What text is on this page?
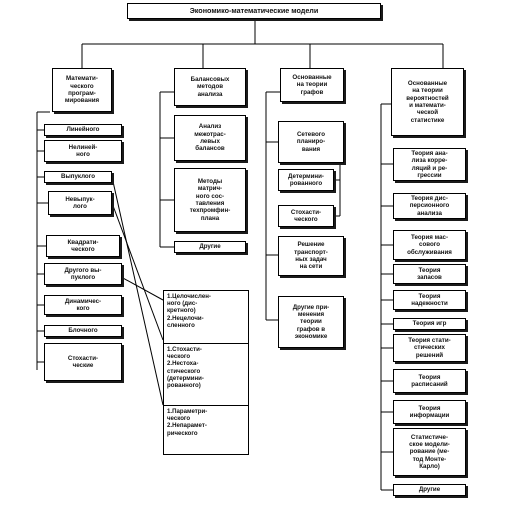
Экономико-математические модели
Математи-
ческого
програм-
мирования
Линейного
Нелиней-
ного
Выпуклого
Невыпук-
лого
Квадрати-
ческого
Другого вы-
пуклого
Динамичес-
кого
Блочного
Стохасти-
ческие
1.Целочислен-
ного (дис-
кретного)
2.Нецелочи-
сленного
1.Стохасти-
ческого
2.Нестоха-
стического
(детермини-
рованного)
1.Параметри-
ческого
2.Непарамет-
рического
Балансовых
методов
анализа
Анализ
межотрас-
левых
балансов
Методы
матрич-
ного сос-
тавления
техпромфин-
плана
Другие
Основанные
на теории
графов
Сетевого
планиро-
вания
Детермини-
рованного
Стохасти-
ческого
Решение
транспорт-
ных задач
на сети
Другие при-
менения
теории
графов в
экономике
Основанные
на теории
вероятностей
и математи-
ческой
статистике
Теория ана-
лиза корре-
ляций и ре-
грессии
Теория дис-
персионного
анализа
Теория мас-
сового
обслуживания
Теория
запасов
Теория
надежности
Теория игр
Теория стати-
стических
решений
Теория
расписаний
Теория
информации
Статистиче-
ское модели-
рование (ме-
тод Монте-
Карло)
Другие
